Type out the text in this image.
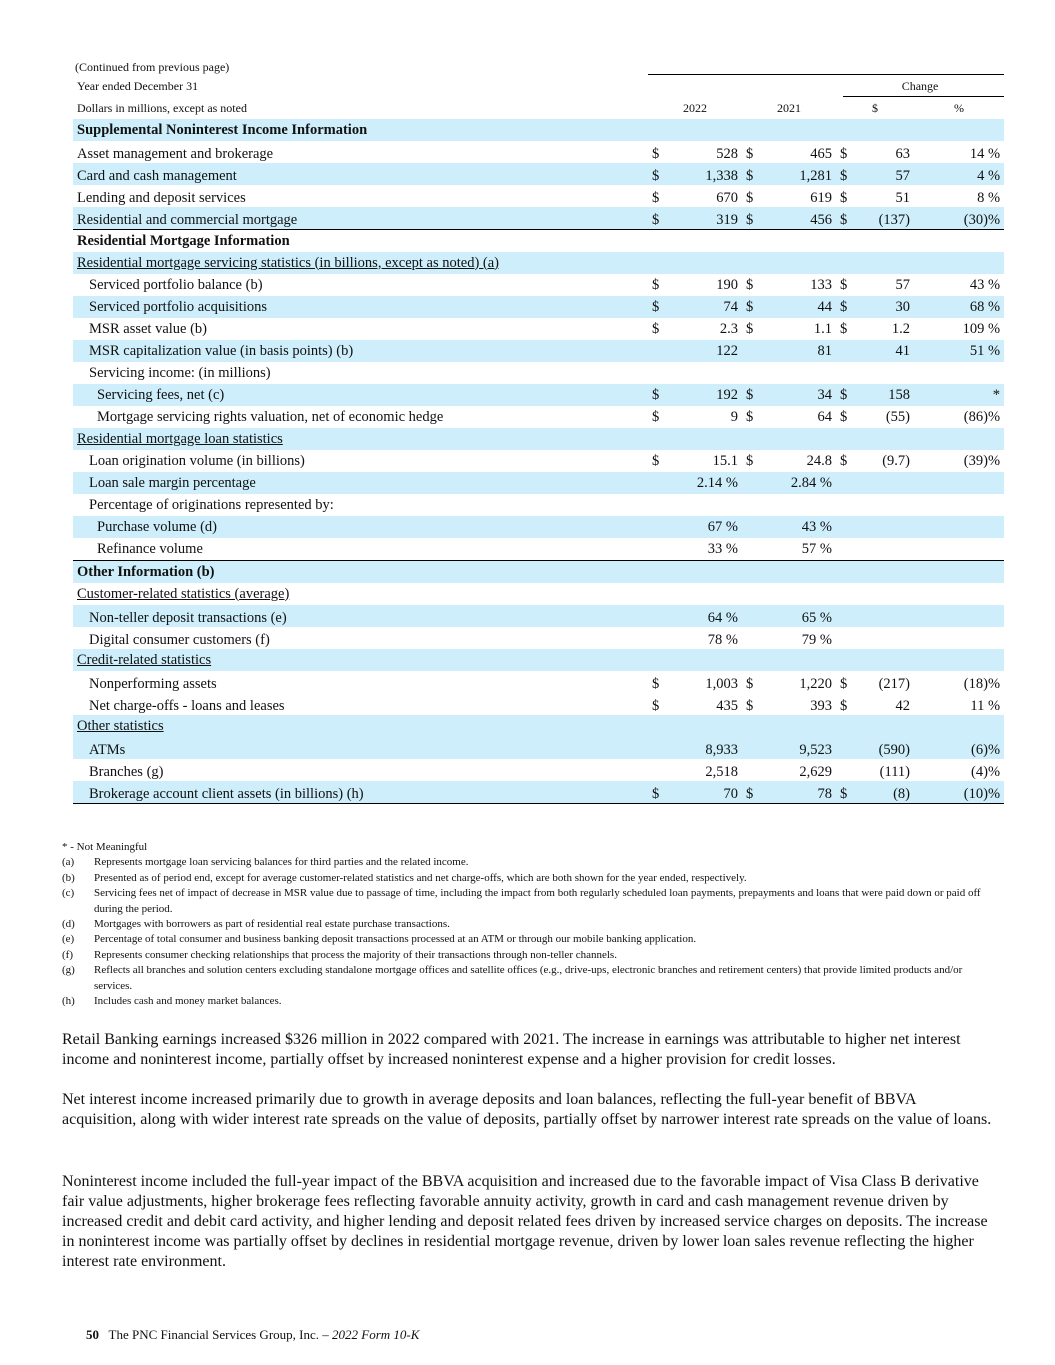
(Continued from previous page)
Year ended December 31					Change		
Dollars in millions, except as noted	2022		2021		$		%
Supplemental Noninterest Income Information							
Asset management and brokerage	$	528	$	465	$	63	14 %
Card and cash management	$	1,338	$	1,281	$	57	4 %
Lending and deposit services	$	670	$	619	$	51	8 %
Residential and commercial mortgage	$	319	$	456	$	(137)	(30)%
Residential Mortgage Information							
Residential mortgage servicing statistics (in billions, except as noted) (a)							
Serviced portfolio balance (b)	$	190	$	133	$	57	43 %
Serviced portfolio acquisitions	$	74	$	44	$	30	68 %
MSR asset value (b)	$	2.3	$	1.1	$	1.2	109 %
MSR capitalization value (in basis points) (b)		122		81		41	51 %
Servicing income: (in millions)							
Servicing fees, net (c)	$	192	$	34	$	158	*
Mortgage servicing rights valuation, net of economic hedge	$	9	$	64	$	(55)	(86)%
Residential mortgage loan statistics							
Loan origination volume (in billions)	$	15.1	$	24.8	$	(9.7)	(39)%
Loan sale margin percentage		2.14 %		2.84 %			
Percentage of originations represented by:							
Purchase volume (d)		67 %		43 %			
Refinance volume		33 %		57 %			
Other Information (b)							
Customer-related statistics (average)							
Non-teller deposit transactions (e)		64 %		65 %			
Digital consumer customers (f)		78 %		79 %			
Credit-related statistics							
Nonperforming assets	$	1,003	$	1,220	$	(217)	(18)%
Net charge-offs - loans and leases	$	435	$	393	$	42	11 %
Other statistics							
ATMs		8,933		9,523		(590)	(6)%
Branches (g)		2,518		2,629		(111)	(4)%
Brokerage account client assets (in billions) (h)	$	70	$	78	$	(8)	(10)%
* - Not Meaningful
(a)	Represents mortgage loan servicing balances for third parties and the related income.
(b)	Presented as of period end, except for average customer-related statistics and net charge-offs, which are both shown for the year ended, respectively.
(c)	Servicing fees net of impact of decrease in MSR value due to passage of time, including the impact from both regularly scheduled loan payments, prepayments and loans that were paid down or paid off during the period.
(d)	Mortgages with borrowers as part of residential real estate purchase transactions.
(e)	Percentage of total consumer and business banking deposit transactions processed at an ATM or through our mobile banking application.
(f)	Represents consumer checking relationships that process the majority of their transactions through non-teller channels.
(g)	Reflects all branches and solution centers excluding standalone mortgage offices and satellite offices (e.g., drive-ups, electronic branches and retirement centers) that provide limited products and/or services.
(h)	Includes cash and money market balances.

Retail Banking earnings increased $326 million in 2022 compared with 2021. The increase in earnings was attributable to higher net interest income and noninterest income, partially offset by increased noninterest expense and a higher provision for credit losses.

Net interest income increased primarily due to growth in average deposits and loan balances, reflecting the full-year benefit of BBVA acquisition, along with wider interest rate spreads on the value of deposits, partially offset by narrower interest rate spreads on the value of loans.

Noninterest income included the full-year impact of the BBVA acquisition and increased due to the favorable impact of Visa Class B derivative fair value adjustments, higher brokerage fees reflecting favorable annuity activity, growth in card and cash management revenue driven by increased credit and debit card activity, and higher lending and deposit related fees driven by increased service charges on deposits. The increase in noninterest income was partially offset by declines in residential mortgage revenue, driven by lower loan sales revenue reflecting the higher interest rate environment.

50 The PNC Financial Services Group, Inc. – 2022 Form 10-K
